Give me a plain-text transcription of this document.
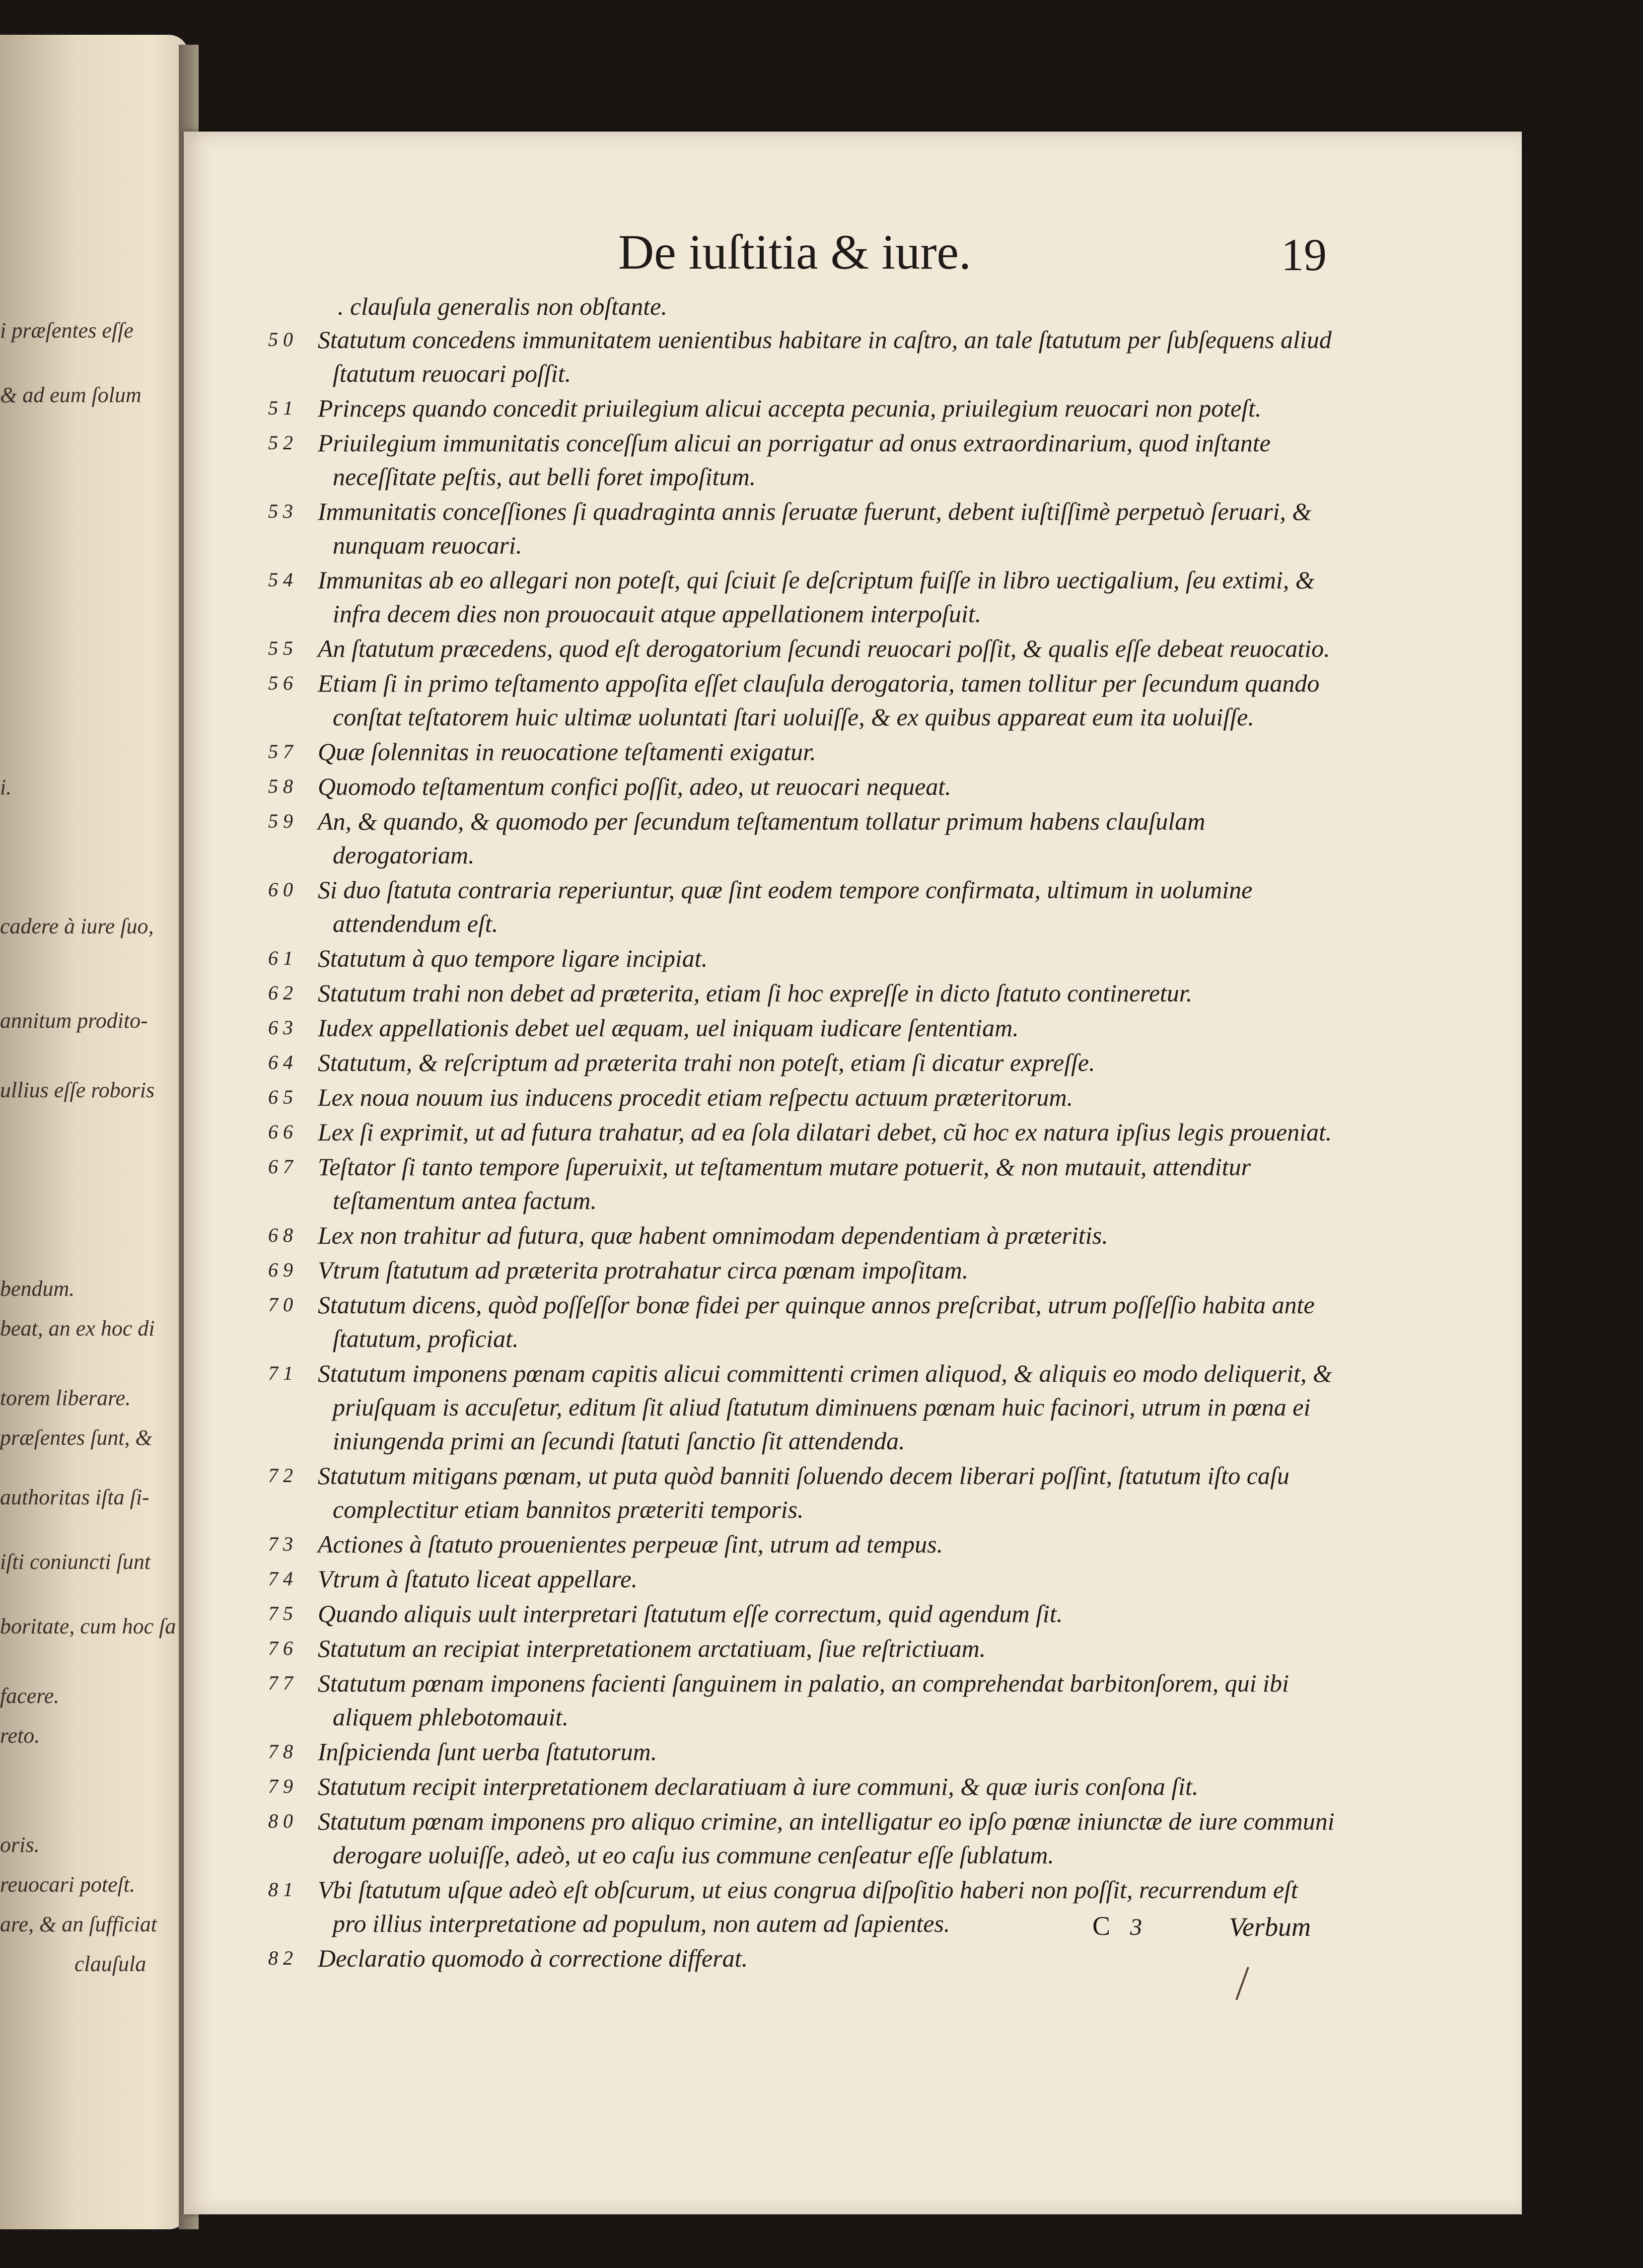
i præſentes eſſe
& ad eum ſolum
i.
cadere à iure ſuo,
annitum prodito-
ullius eſſe roboris
bendum.
beat, an ex hoc di
torem liberare.
præſentes ſunt, &
authoritas iſta ſi-
iſti coniuncti ſunt
boritate, cum hoc ſa
facere.
reto.
oris.
reuocari poteſt.
are, & an ſufficiat
clauſula
De iuſtitia & iure.	19
. clauſula generalis non obſtante.
50 Statutum concedens immunitatem uenientibus habitare in caſtro, an tale ſtatutum per ſubſequens aliud ſtatutum reuocari poſſit.
51 Princeps quando concedit priuilegium alicui accepta pecunia, priuilegium reuocari non poteſt.
52 Priuilegium immunitatis conceſſum alicui an porrigatur ad onus extraordinarium, quod inſtante neceſſitate peſtis, aut belli foret impoſitum.
53 Immunitatis conceſſiones ſi quadraginta annis ſeruatæ fuerunt, debent iuſtiſſimè perpetuò ſeruari, & nunquam reuocari.
54 Immunitas ab eo allegari non poteſt, qui ſciuit ſe deſcriptum fuiſſe in libro uectigalium, ſeu extimi, & infra decem dies non prouocauit atque appellationem interpoſuit.
55 An ſtatutum præcedens, quod eſt derogatorium ſecundi reuocari poſſit, & qualis eſſe debeat reuocatio.
56 Etiam ſi in primo teſtamento appoſita eſſet clauſula derogatoria, tamen tollitur per ſecundum quando conſtat teſtatorem huic ultimæ uoluntati ſtari uoluiſſe, & ex quibus appareat eum ita uoluiſſe.
57 Quæ ſolennitas in reuocatione teſtamenti exigatur.
58 Quomodo teſtamentum confici poſſit, adeo, ut reuocari nequeat.
59 An, & quando, & quomodo per ſecundum teſtamentum tollatur primum habens clauſulam derogatoriam.
60 Si duo ſtatuta contraria reperiuntur, quæ ſint eodem tempore confirmata, ultimum in uolumine attendendum eſt.
61 Statutum à quo tempore ligare incipiat.
62 Statutum trahi non debet ad præterita, etiam ſi hoc expreſſe in dicto ſtatuto contineretur.
63 Iudex appellationis debet uel æquam, uel iniquam iudicare ſententiam.
64 Statutum, & reſcriptum ad præterita trahi non poteſt, etiam ſi dicatur expreſſe.
65 Lex noua nouum ius inducens procedit etiam reſpectu actuum præteritorum.
66 Lex ſi exprimit, ut ad futura trahatur, ad ea ſola dilatari debet, cũ hoc ex natura ipſius legis proueniat.
67 Teſtator ſi tanto tempore ſuperuixit, ut teſtamentum mutare potuerit, & non mutauit, attenditur teſtamentum antea factum.
68 Lex non trahitur ad futura, quæ habent omnimodam dependentiam à præteritis.
69 Vtrum ſtatutum ad præterita protrahatur circa pœnam impoſitam.
70 Statutum dicens, quòd poſſeſſor bonæ fidei per quinque annos preſcribat, utrum poſſeſſio habita ante ſtatutum, proficiat.
71 Statutum imponens pœnam capitis alicui committenti crimen aliquod, & aliquis eo modo deliquerit, & priuſquam is accuſetur, editum ſit aliud ſtatutum diminuens pœnam huic facinori, utrum in pœna ei iniungenda primi an ſecundi ſtatuti ſanctio ſit attendenda.
72 Statutum mitigans pœnam, ut puta quòd banniti ſoluendo decem liberari poſſint, ſtatutum iſto caſu complectitur etiam bannitos præteriti temporis.
73 Actiones à ſtatuto prouenientes perpeuæ ſint, utrum ad tempus.
74 Vtrum à ſtatuto liceat appellare.
75 Quando aliquis uult interpretari ſtatutum eſſe correctum, quid agendum ſit.
76 Statutum an recipiat interpretationem arctatiuam, ſiue reſtrictiuam.
77 Statutum pœnam imponens facienti ſanguinem in palatio, an comprehendat barbitonſorem, qui ibi aliquem phlebotomauit.
78 Inſpicienda ſunt uerba ſtatutorum.
79 Statutum recipit interpretationem declaratiuam à iure communi, & quæ iuris conſona ſit.
80 Statutum pœnam imponens pro aliquo crimine, an intelligatur eo ipſo pœnæ iniunctæ de iure communi derogare uoluiſſe, adeò, ut eo caſu ius commune cenſeatur eſſe ſublatum.
81 Vbi ſtatutum uſque adeò eſt obſcurum, ut eius congrua diſpoſitio haberi non poſſit, recurrendum eſt pro illius interpretatione ad populum, non autem ad ſapientes.
82 Declaratio quomodo à correctione differat.
C 3	Verbum
